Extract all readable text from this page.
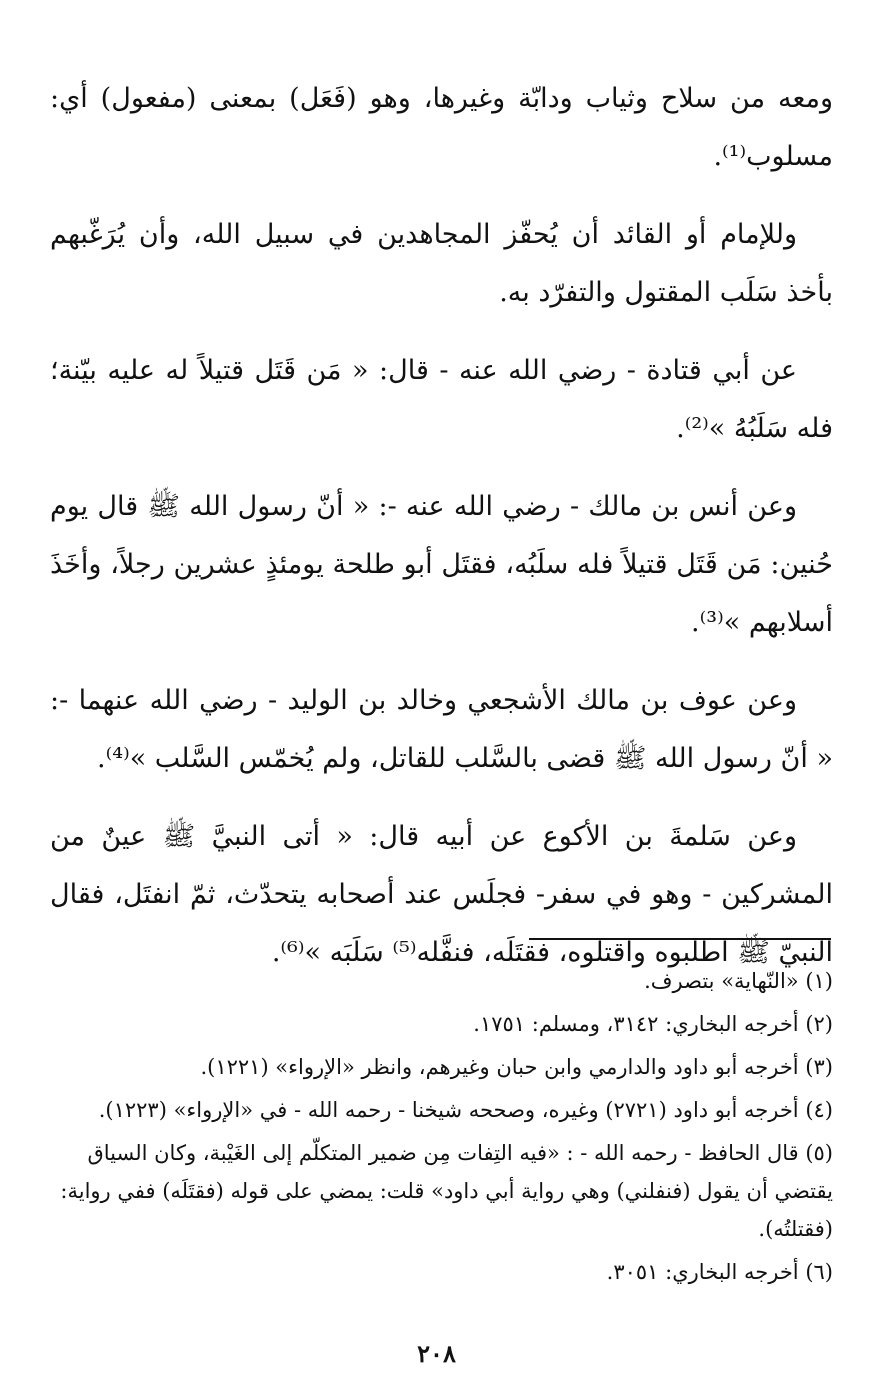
ومعه من سلاح وثياب ودابّة وغيرها، وهو (فَعَل) بمعنى (مفعول) أي: مسلوب⁽¹⁾.

وللإمام أو القائد أن يُحفّز المجاهدين في سبيل الله، وأن يُرَغّبهم بأخذ سَلَب المقتول والتفرّد به.

عن أبي قتادة - رضي الله عنه - قال: « مَن قَتَل قتيلاً له عليه بيّنة؛ فله سَلَبُهُ »⁽²⁾.

وعن أنس بن مالك - رضي الله عنه -: « أنّ رسول الله ﷺ قال يوم حُنين: مَن قَتَل قتيلاً فله سلَبُه، فقتَل أبو طلحة يومئذٍ عشرين رجلاً، وأخَذَ أسلابهم »⁽³⁾.

وعن عوف بن مالك الأشجعي وخالد بن الوليد - رضي الله عنهما -: « أنّ رسول الله ﷺ قضى بالسَّلب للقاتل، ولم يُخمّس السَّلب »⁽⁴⁾.

وعن سَلمةَ بن الأكوع عن أبيه قال: « أتى النبيَّ ﷺ عينٌ من المشركين - وهو في سفر- فجلَس عند أصحابه يتحدّث، ثمّ انفتَل، فقال النبيّ ﷺ اطلبوه واقتلوه، فقتَلَه، فنفَّله⁽⁵⁾ سَلَبَه »⁽⁶⁾.

(١) «النّهاية» بتصرف.

(٢) أخرجه البخاري: ٣١٤٢، ومسلم: ١٧٥١.

(٣) أخرجه أبو داود والدارمي وابن حبان وغيرهم، وانظر «الإرواء» (١٢٢١).

(٤) أخرجه أبو داود (٢٧٢١) وغيره، وصححه شيخنا - رحمه الله - في «الإرواء» (١٢٢٣).

(٥) قال الحافظ - رحمه الله - : «فيه التِفات مِن ضمير المتكلّم إلى الغَيْبة، وكان السياق يقتضي أن يقول (فنفلني) وهي رواية أبي داود» قلت: يمضي على قوله (فقتَلَه) ففي رواية: (فقتلتُه).

(٦) أخرجه البخاري: ٣٠٥١.

٢٠٨
